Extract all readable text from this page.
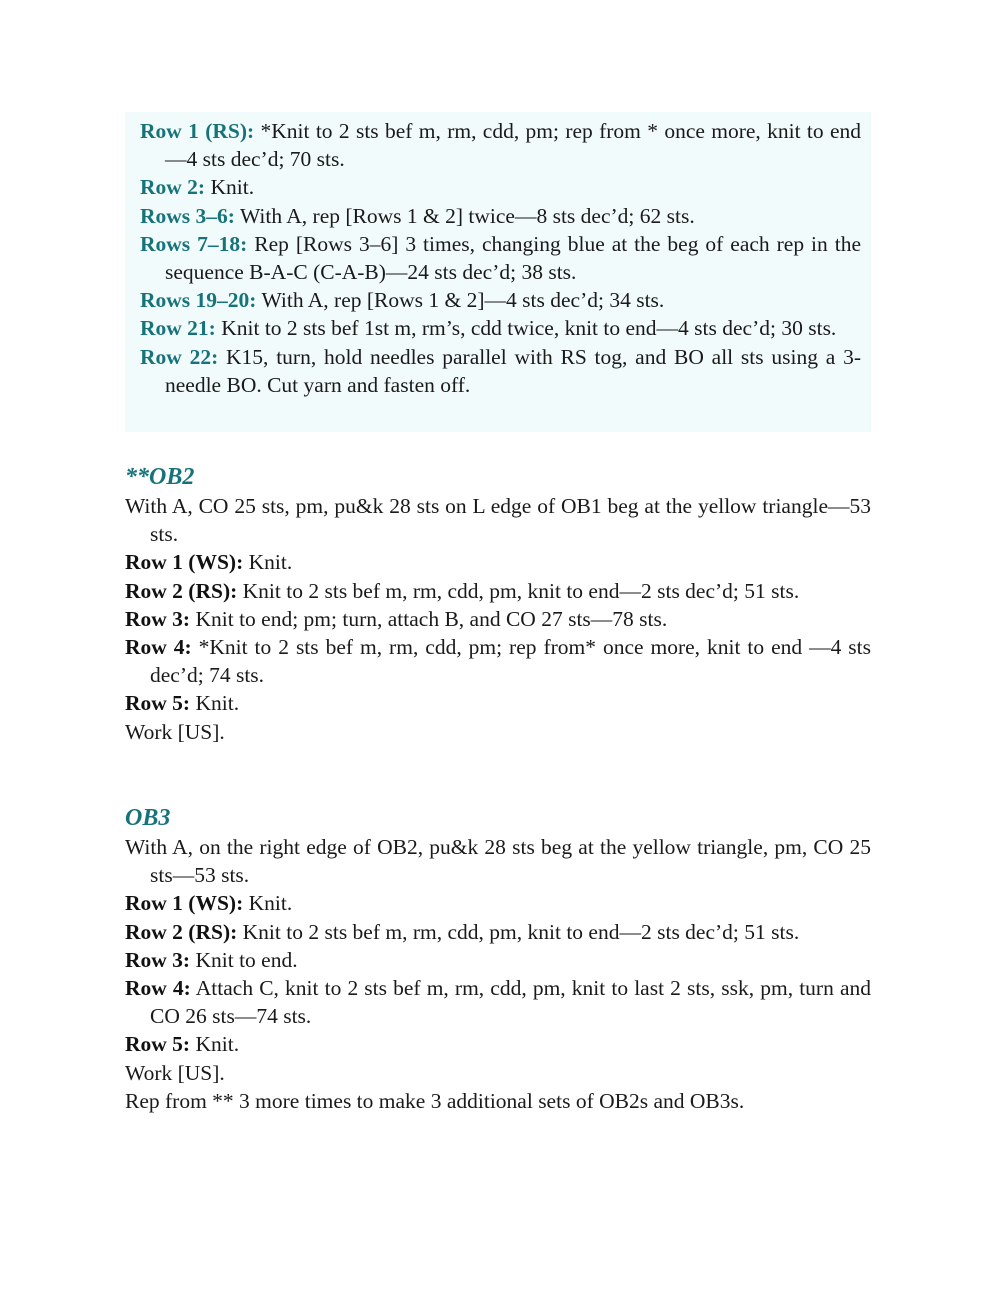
Row 1 (RS): *Knit to 2 sts bef m, rm, cdd, pm; rep from * once more, knit to end—4 sts dec’d; 70 sts.

Row 2: Knit.

Rows 3–6: With A, rep [Rows 1 & 2] twice—8 sts dec’d; 62 sts.

Rows 7–18: Rep [Rows 3–6] 3 times, changing blue at the beg of each rep in the sequence B-A-C (C-A-B)—24 sts dec’d; 38 sts.

Rows 19–20: With A, rep [Rows 1 & 2]—4 sts dec’d; 34 sts.

Row 21: Knit to 2 sts bef 1st m, rm’s, cdd twice, knit to end—4 sts dec’d; 30 sts.

Row 22: K15, turn, hold needles parallel with RS tog, and BO all sts using a 3-needle BO. Cut yarn and fasten off.

**OB2

With A, CO 25 sts, pm, pu&k 28 sts on L edge of OB1 beg at the yellow triangle—53 sts.

Row 1 (WS): Knit.

Row 2 (RS): Knit to 2 sts bef m, rm, cdd, pm, knit to end—2 sts dec’d; 51 sts.

Row 3: Knit to end; pm; turn, attach B, and CO 27 sts—78 sts.

Row 4: *Knit to 2 sts bef m, rm, cdd, pm; rep from* once more, knit to end —4 sts dec’d; 74 sts.

Row 5: Knit.

Work [US].

OB3

With A, on the right edge of OB2, pu&k 28 sts beg at the yellow triangle, pm, CO 25 sts—53 sts.

Row 1 (WS): Knit.

Row 2 (RS): Knit to 2 sts bef m, rm, cdd, pm, knit to end—2 sts dec’d; 51 sts.

Row 3: Knit to end.

Row 4: Attach C, knit to 2 sts bef m, rm, cdd, pm, knit to last 2 sts, ssk, pm, turn and CO 26 sts—74 sts.

Row 5: Knit.

Work [US].

Rep from ** 3 more times to make 3 additional sets of OB2s and OB3s.
